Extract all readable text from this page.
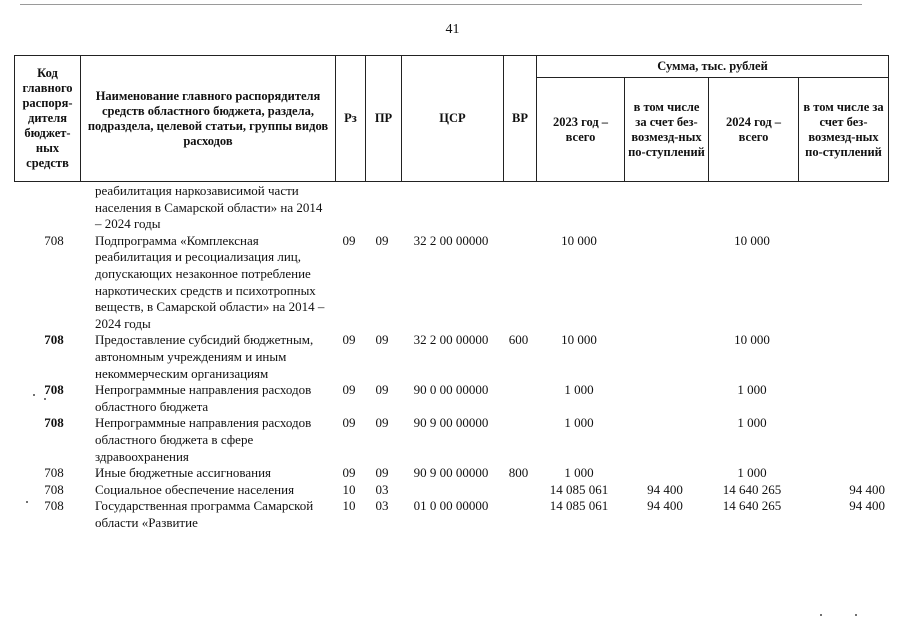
41
Код главного распоря-дителя бюджет-ных средств	Наименование главного распорядителя средств областного бюджета, раздела, подраздела, целевой статьи, группы видов расходов	Рз	ПР	ЦСР	ВР	Сумма, тыс. рублей			
						2023 год – всего	в том числе за счет без-возмезд-ных по-ступлений	2024 год – всего	в том числе за счет без-возмезд-ных по-ступлений
	реабилитация наркозависимой части населения в Самарской области» на 2014 – 2024 годы								
708	Подпрограмма «Комплексная реабилитация и ресоциализация лиц, допускающих незаконное потребление наркотических средств и психотропных веществ, в Самарской области» на 2014 – 2024 годы	09	09	32 2 00 00000		10 000		10 000	
708	Предоставление субсидий бюджетным, автономным учреждениям и иным некоммерческим организациям	09	09	32 2 00 00000	600	10 000		10 000	
708	Непрограммные направления расходов областного бюджета	09	09	90 0 00 00000		1 000		1 000	
708	Непрограммные направления расходов областного бюджета в сфере здравоохранения	09	09	90 9 00 00000		1 000		1 000	
708	Иные бюджетные ассигнования	09	09	90 9 00 00000	800	1 000		1 000	
708	Социальное обеспечение населения	10	03			14 085 061	94 400	14 640 265	94 400
708	Государственная программа Самарской области «Развитие	10	03	01 0 00 00000		14 085 061	94 400	14 640 265	94 400
